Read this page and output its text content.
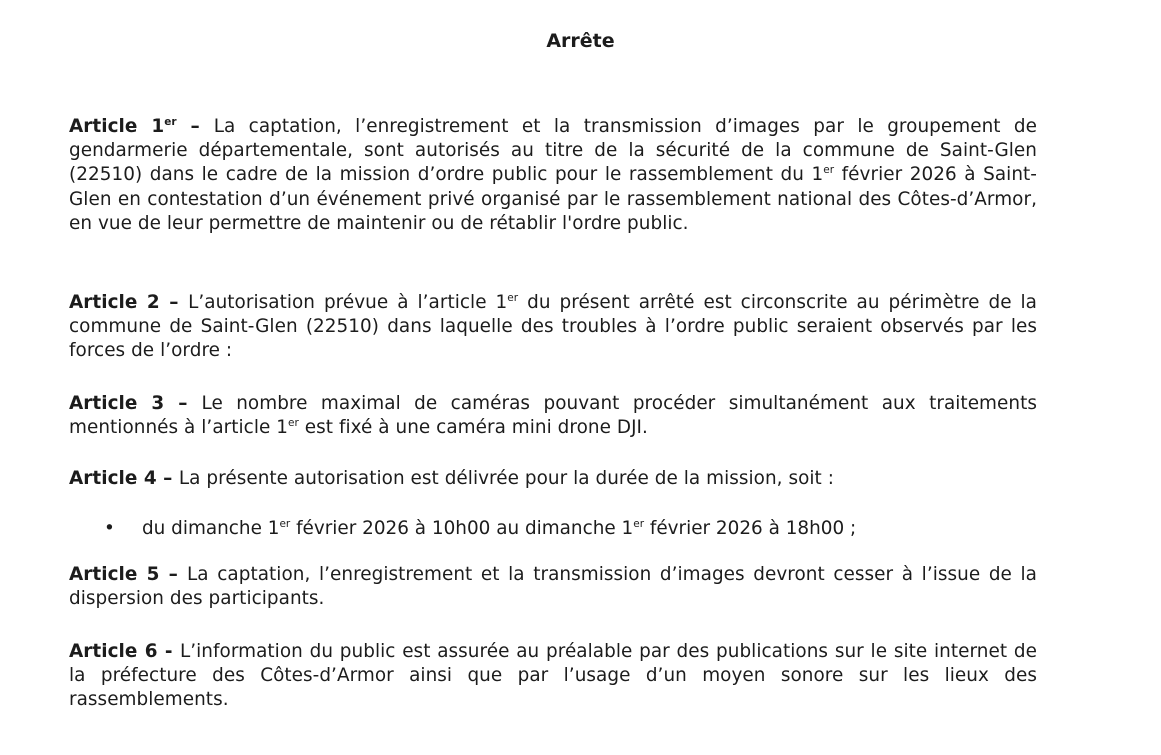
Arrête
Article 1er – La captation, l’enregistrement et la transmission d’images par le groupement de gendarmerie départementale, sont autorisés au titre de la sécurité de la commune de Saint-Glen (22510) dans le cadre de la mission d’ordre public pour le rassemblement du 1er février 2026 à Saint-Glen en contestation d’un événement privé organisé par le rassemblement national des Côtes-d’Armor, en vue de leur permettre de maintenir ou de rétablir l'ordre public.
Article 2 – L’autorisation prévue à l’article 1er du présent arrêté est circonscrite au périmètre de la commune de Saint-Glen (22510) dans laquelle des troubles à l’ordre public seraient observés par les forces de l’ordre :
Article 3 – Le nombre maximal de caméras pouvant procéder simultanément aux traitements mentionnés à l’article 1er est fixé à une caméra mini drone DJI.
Article 4 – La présente autorisation est délivrée pour la durée de la mission, soit :
• du dimanche 1er février 2026 à 10h00 au dimanche 1er février 2026 à 18h00 ;
Article 5 – La captation, l’enregistrement et la transmission d’images devront cesser à l’issue de la dispersion des participants.
Article 6 - L’information du public est assurée au préalable par des publications sur le site internet de la préfecture des Côtes-d’Armor ainsi que par l’usage d’un moyen sonore sur les lieux des rassemblements.
